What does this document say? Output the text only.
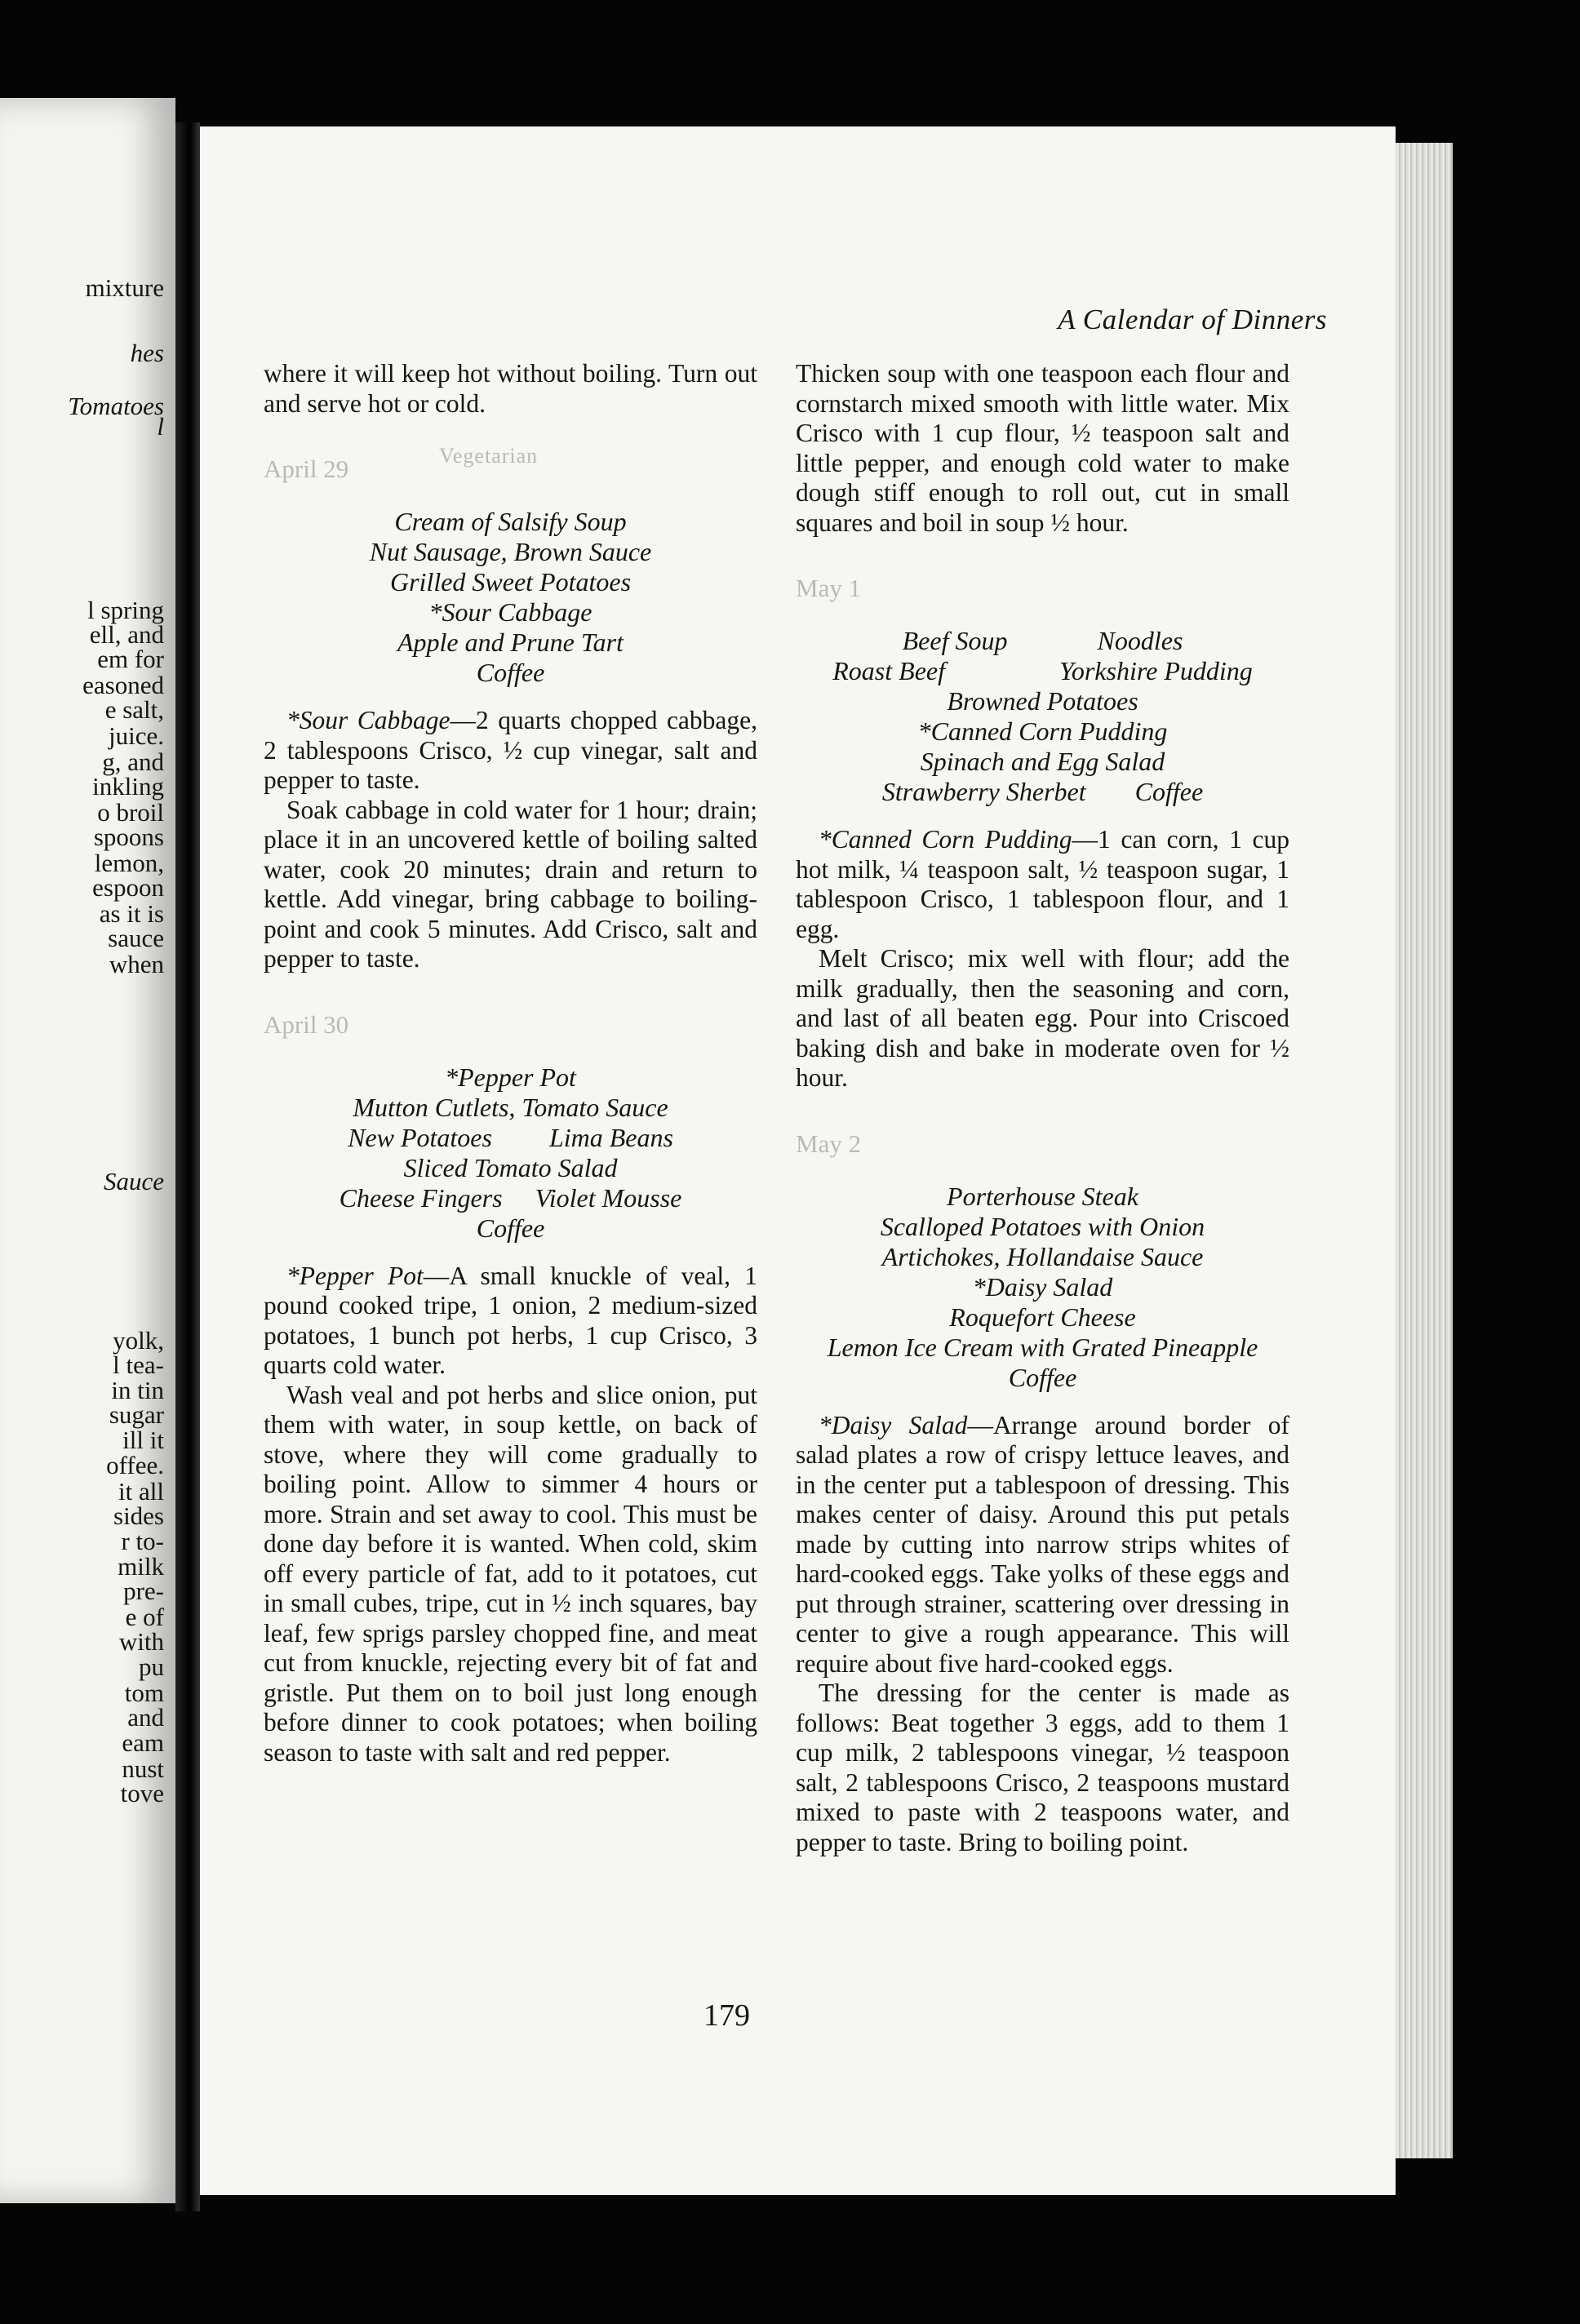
mixture
hes
Tomatoes
l
l spring
ell, and
em for
easoned
e salt,
juice.
g, and
inkling
o broil
spoons
lemon,
espoon
as it is
sauce
when
Sauce
yolk,
l tea-
in tin
sugar
ill it
offee.
it all
sides
r to-
milk
pre-
e of
with
pu
tom
and
eam
nust
tove
A Calendar of Dinners

where it will keep hot without boiling. Turn out and serve hot or cold.

April 29	Vegetarian
Cream of Salsify Soup
Nut Sausage, Brown Sauce
Grilled Sweet Potatoes
*Sour Cabbage
Apple and Prune Tart
Coffee

*Sour Cabbage—2 quarts chopped cabbage, 2 tablespoons Crisco, ½ cup vinegar, salt and pepper to taste.

Soak cabbage in cold water for 1 hour; drain; place it in an uncovered kettle of boiling salted water, cook 20 minutes; drain and return to kettle. Add vinegar, bring cabbage to boiling-point and cook 5 minutes. Add Crisco, salt and pepper to taste.

April 30
*Pepper Pot
Mutton Cutlets, Tomato Sauce
New Potatoes Lima Beans
Sliced Tomato Salad
Cheese Fingers Violet Mousse
Coffee

*Pepper Pot—A small knuckle of veal, 1 pound cooked tripe, 1 onion, 2 medium-sized potatoes, 1 bunch pot herbs, 1 cup Crisco, 3 quarts cold water.

Wash veal and pot herbs and slice onion, put them with water, in soup kettle, on back of stove, where they will come gradually to boiling point. Allow to simmer 4 hours or more. Strain and set away to cool. This must be done day before it is wanted. When cold, skim off every particle of fat, add to it potatoes, cut in small cubes, tripe, cut in ½ inch squares, bay leaf, few sprigs parsley chopped fine, and meat cut from knuckle, rejecting every bit of fat and gristle. Put them on to boil just long enough before dinner to cook potatoes; when boiling season to taste with salt and red pepper.

Thicken soup with one teaspoon each flour and cornstarch mixed smooth with little water. Mix Crisco with 1 cup flour, ½ teaspoon salt and little pepper, and enough cold water to make dough stiff enough to roll out, cut in small squares and boil in soup ½ hour.

May 1
Beef Soup	Noodles
Roast Beef	Yorkshire Pudding
Browned Potatoes
*Canned Corn Pudding
Spinach and Egg Salad
Strawberry Sherbet Coffee

*Canned Corn Pudding—1 can corn, 1 cup hot milk, ¼ teaspoon salt, ½ teaspoon sugar, 1 tablespoon Crisco, 1 tablespoon flour, and 1 egg.

Melt Crisco; mix well with flour; add the milk gradually, then the seasoning and corn, and last of all beaten egg. Pour into Criscoed baking dish and bake in moderate oven for ½ hour.

May 2
Porterhouse Steak
Scalloped Potatoes with Onion
Artichokes, Hollandaise Sauce
*Daisy Salad
Roquefort Cheese
Lemon Ice Cream with Grated Pineapple
Coffee

*Daisy Salad—Arrange around border of salad plates a row of crispy lettuce leaves, and in the center put a tablespoon of dressing. This makes center of daisy. Around this put petals made by cutting into narrow strips whites of hard-cooked eggs. Take yolks of these eggs and put through strainer, scattering over dressing in center to give a rough appearance. This will require about five hard-cooked eggs.

The dressing for the center is made as follows: Beat together 3 eggs, add to them 1 cup milk, 2 tablespoons vinegar, ½ teaspoon salt, 2 tablespoons Crisco, 2 teaspoons mustard mixed to paste with 2 teaspoons water, and pepper to taste. Bring to boiling point.

179
